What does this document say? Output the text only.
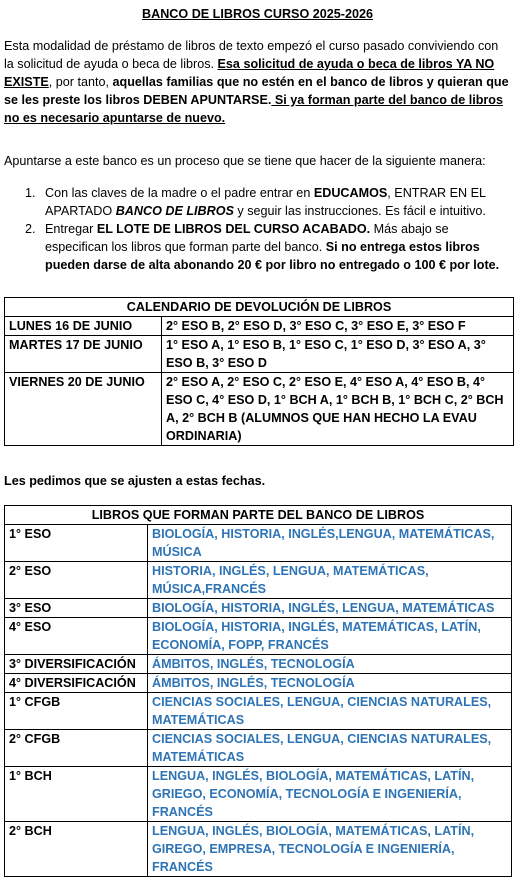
BANCO DE LIBROS CURSO 2025-2026
Esta modalidad de préstamo de libros de texto empezó el curso pasado conviviendo con la solicitud de ayuda o beca de libros. Esa solicitud de ayuda o beca de libros YA NO EXISTE, por tanto, aquellas familias que no estén en el banco de libros y quieran que se les preste los libros DEBEN APUNTARSE. Si ya forman parte del banco de libros no es necesario apuntarse de nuevo.
Apuntarse a este banco es un proceso que se tiene que hacer de la siguiente manera:
1. Con las claves de la madre o el padre entrar en EDUCAMOS, ENTRAR EN EL APARTADO BANCO DE LIBROS y seguir las instrucciones. Es fácil e intuitivo.
2. Entregar EL LOTE DE LIBROS DEL CURSO ACABADO. Más abajo se especifican los libros que forman parte del banco. Si no entrega estos libros pueden darse de alta abonando 20 € por libro no entregado o 100 € por lote.
CALENDARIO DE DEVOLUCIÓN DE LIBROS	
LUNES 16 DE JUNIO	2° ESO B, 2° ESO D, 3° ESO C, 3° ESO E, 3° ESO F
MARTES 17 DE JUNIO	1° ESO A, 1° ESO B, 1° ESO C, 1° ESO D, 3° ESO A, 3° ESO B, 3° ESO D
VIERNES 20 DE JUNIO	2° ESO A, 2° ESO C, 2° ESO E, 4° ESO A, 4° ESO B, 4° ESO C, 4° ESO D, 1° BCH A, 1° BCH B, 1° BCH C, 2° BCH A, 2° BCH B (ALUMNOS QUE HAN HECHO LA EVAU ORDINARIA)
Les pedimos que se ajusten a estas fechas.
LIBROS QUE FORMAN PARTE DEL BANCO DE LIBROS	
1° ESO	BIOLOGÍA, HISTORIA, INGLÉS,LENGUA, MATEMÁTICAS, MÚSICA
2° ESO	HISTORIA, INGLÉS, LENGUA, MATEMÁTICAS, MÚSICA,FRANCÉS
3° ESO	BIOLOGÍA, HISTORIA, INGLÉS, LENGUA, MATEMÁTICAS
4° ESO	BIOLOGÍA, HISTORIA, INGLÉS, MATEMÁTICAS, LATÍN, ECONOMÍA, FOPP, FRANCÉS
3° DIVERSIFICACIÓN	ÁMBITOS, INGLÉS, TECNOLOGÍA
4° DIVERSIFICACIÓN	ÁMBITOS, INGLÉS, TECNOLOGÍA
1° CFGB	CIENCIAS SOCIALES, LENGUA, CIENCIAS NATURALES, MATEMÁTICAS
2° CFGB	CIENCIAS SOCIALES, LENGUA, CIENCIAS NATURALES, MATEMÁTICAS
1° BCH	LENGUA, INGLÉS, BIOLOGÍA, MATEMÁTICAS, LATÍN, GRIEGO, ECONOMÍA, TECNOLOGÍA E INGENIERÍA, FRANCÉS
2° BCH	LENGUA, INGLÉS, BIOLOGÍA, MATEMÁTICAS, LATÍN, GIREGO, EMPRESA, TECNOLOGÍA E INGENIERÍA, FRANCÉS
